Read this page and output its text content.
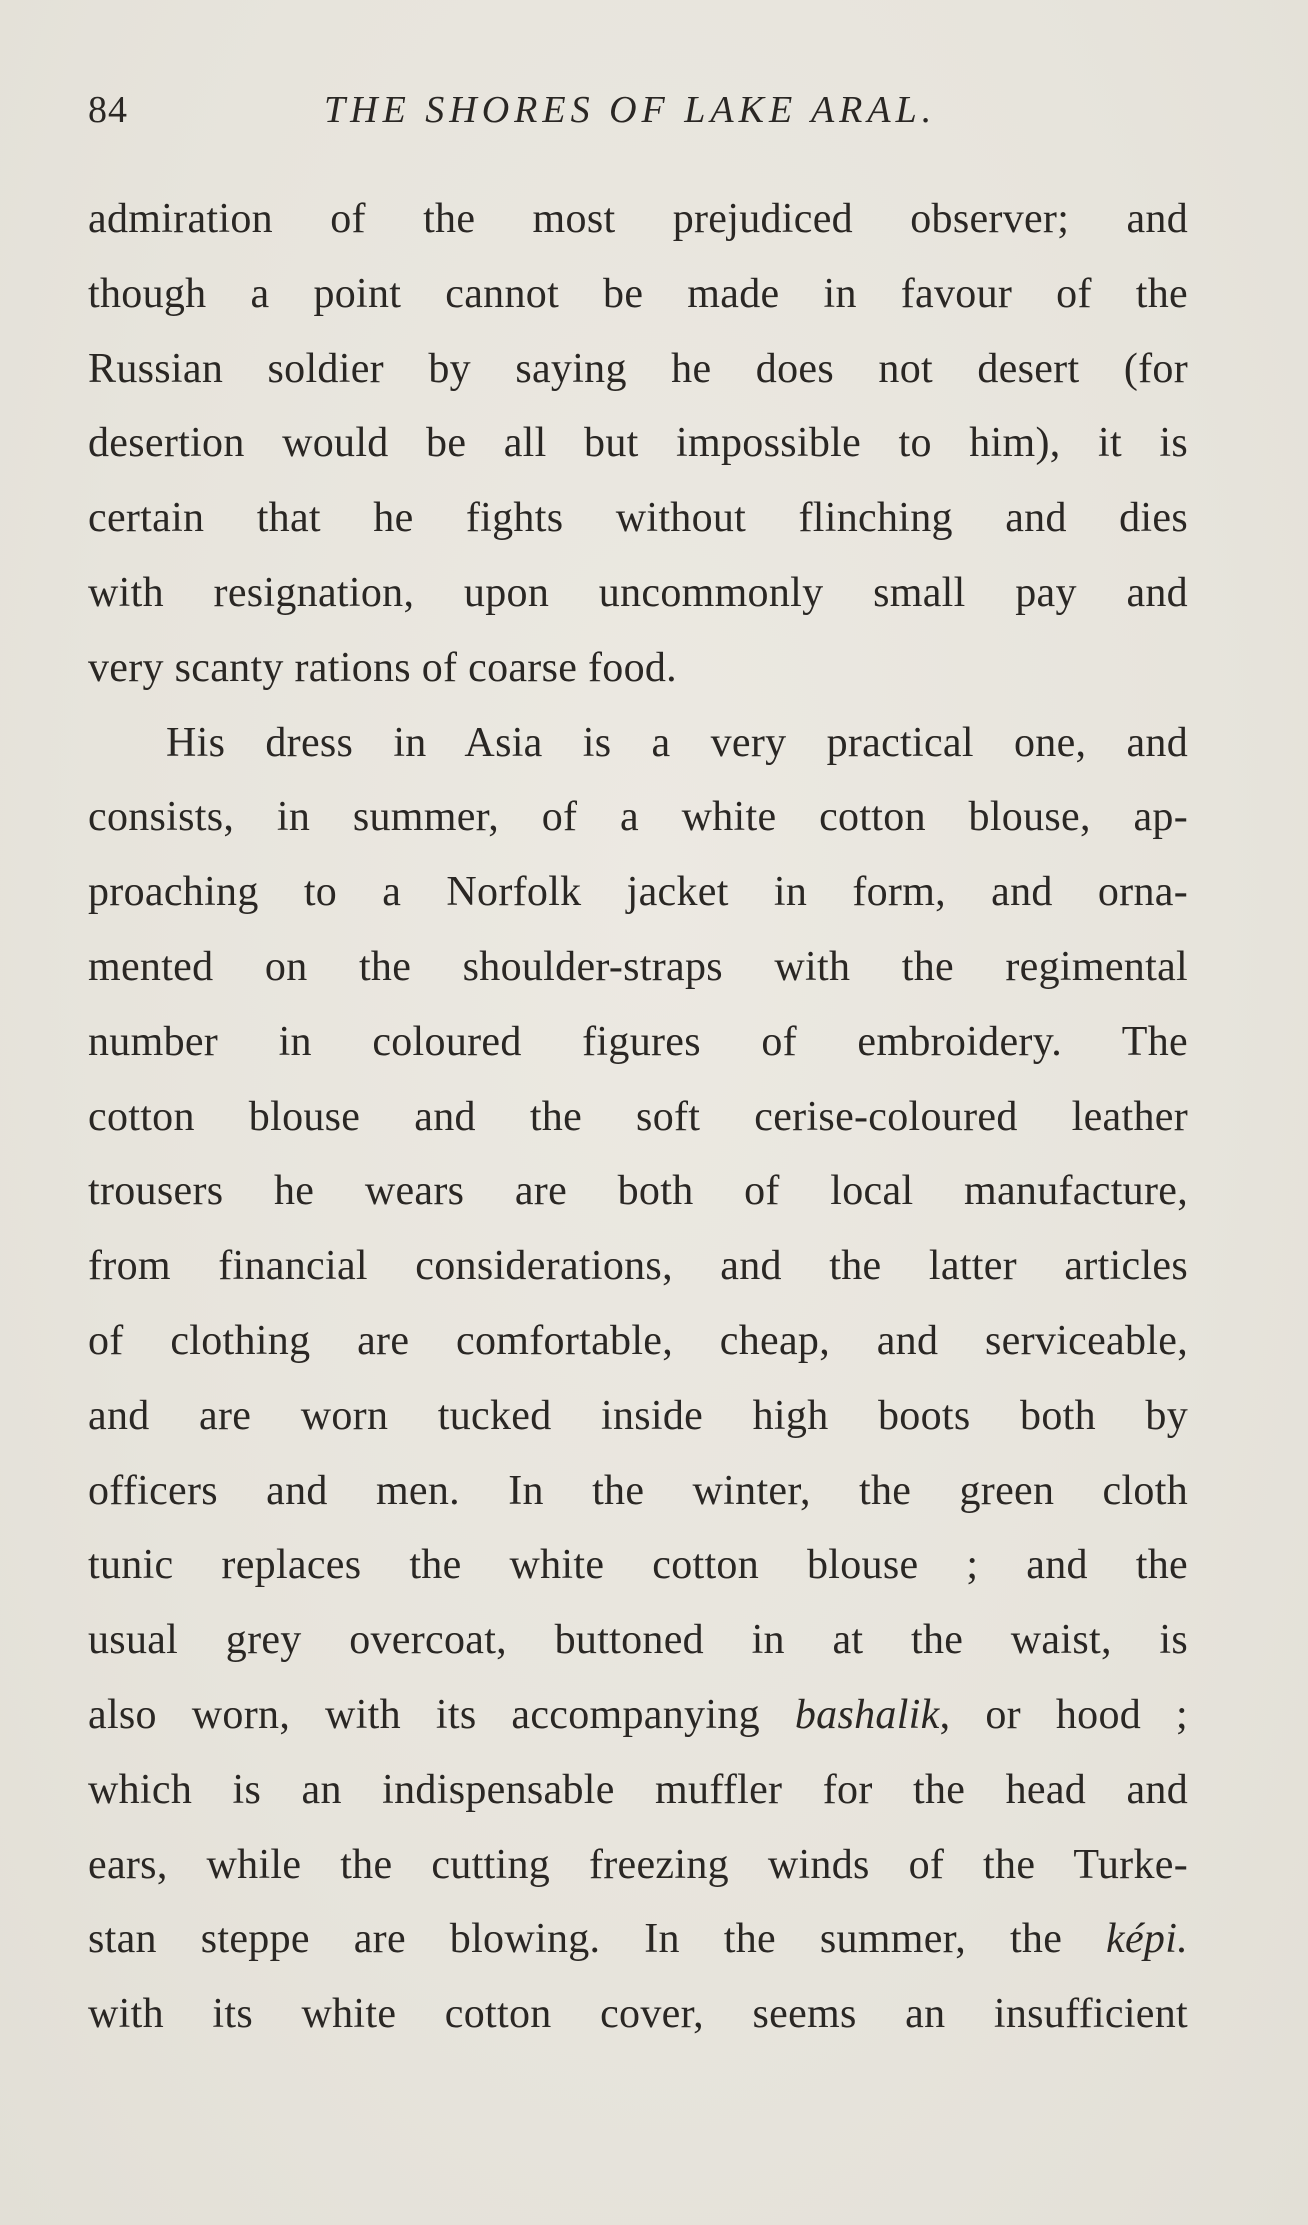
84	THE SHORES OF LAKE ARAL.
admiration of the most prejudiced observer; and
though a point cannot be made in favour of the
Russian soldier by saying he does not desert (for
desertion would be all but impossible to him), it is
certain that he fights without flinching and dies
with resignation, upon uncommonly small pay and
very scanty rations of coarse food.
His dress in Asia is a very practical one, and
consists, in summer, of a white cotton blouse, ap-
proaching to a Norfolk jacket in form, and orna-
mented on the shoulder-straps with the regimental
number in coloured figures of embroidery. The
cotton blouse and the soft cerise-coloured leather
trousers he wears are both of local manufacture,
from financial considerations, and the latter articles
of clothing are comfortable, cheap, and serviceable,
and are worn tucked inside high boots both by
officers and men. In the winter, the green cloth
tunic replaces the white cotton blouse ; and the
usual grey overcoat, buttoned in at the waist, is
also worn, with its accompanying bashalik, or hood ;
which is an indispensable muffler for the head and
ears, while the cutting freezing winds of the Turke-
stan steppe are blowing. In the summer, the képi.
with its white cotton cover, seems an insufficient
